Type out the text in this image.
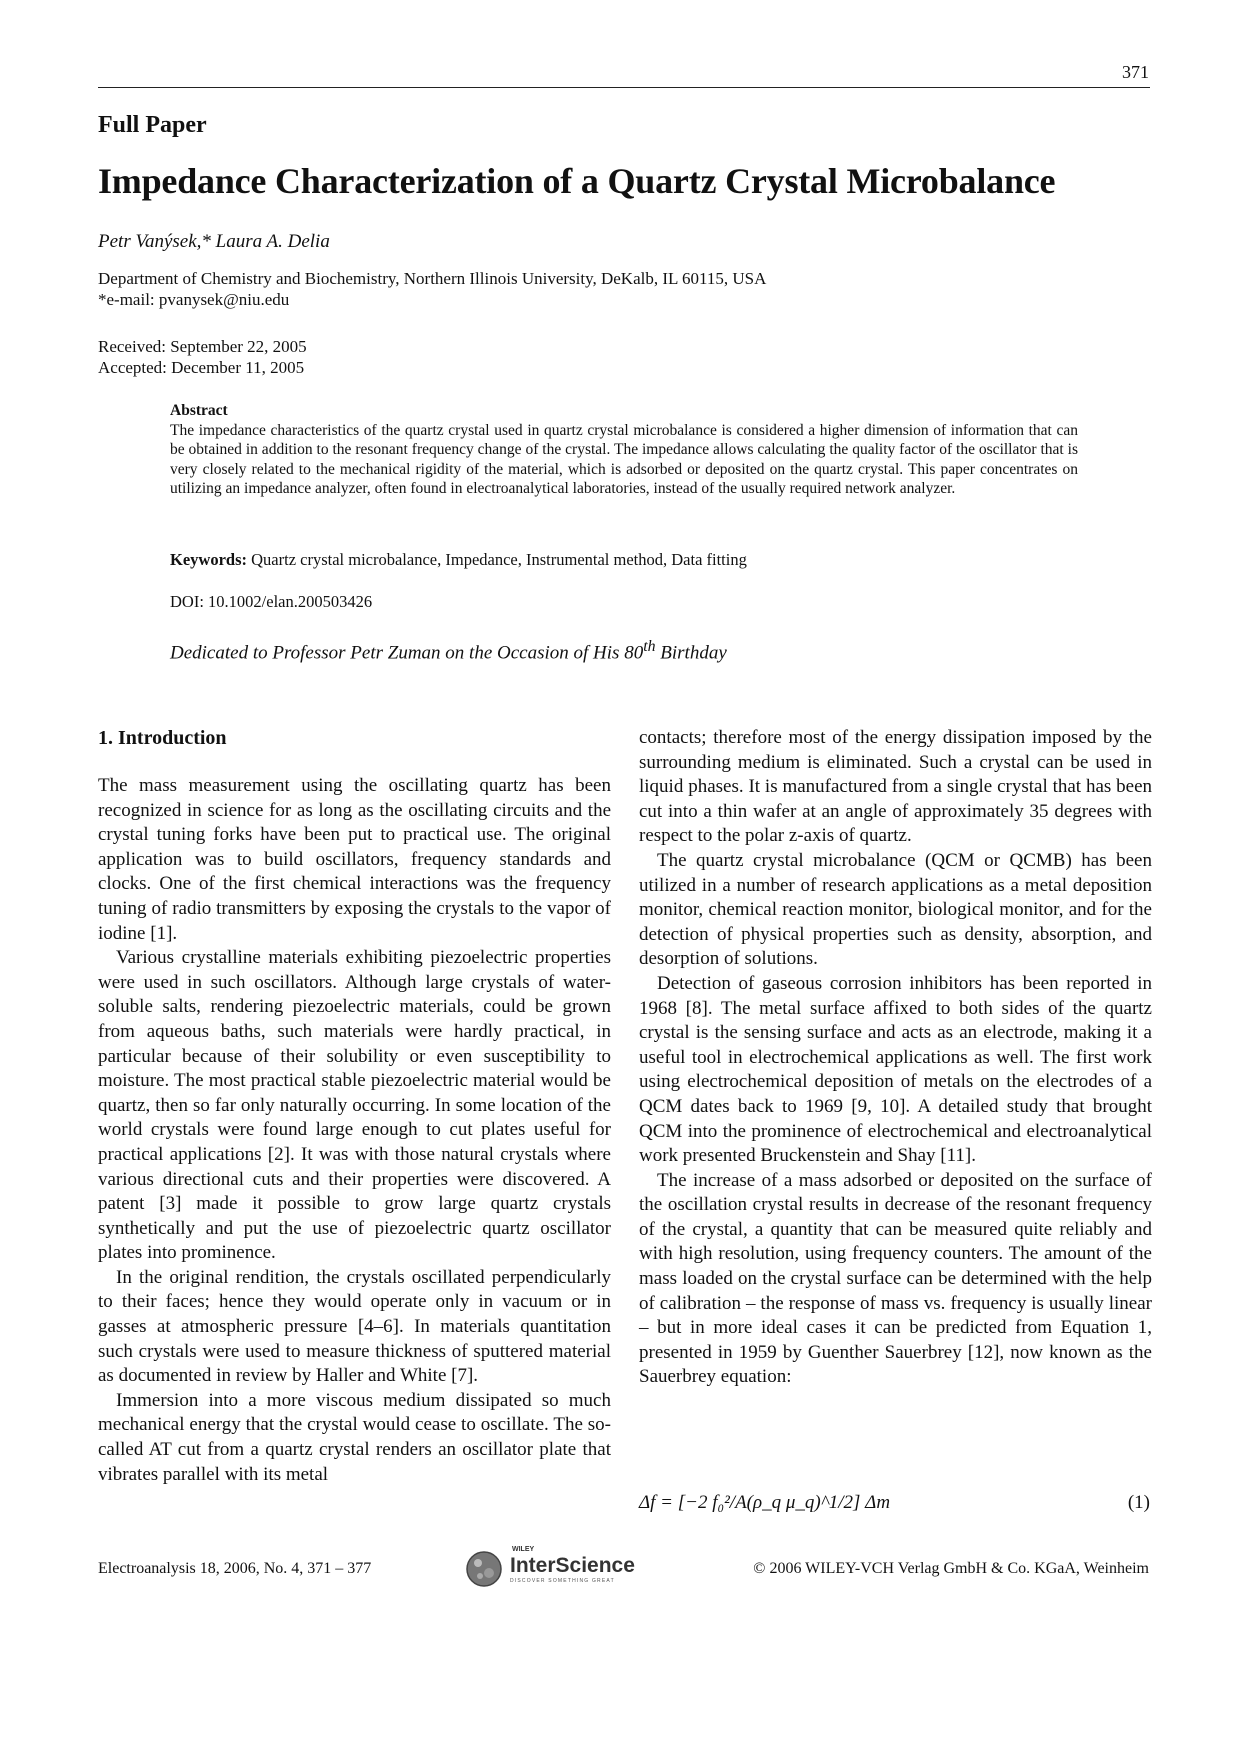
371
Full Paper
Impedance Characterization of a Quartz Crystal Microbalance
Petr Vanýsek,* Laura A. Delia
Department of Chemistry and Biochemistry, Northern Illinois University, DeKalb, IL 60115, USA
*e-mail: pvanysek@niu.edu
Received: September 22, 2005
Accepted: December 11, 2005
Abstract
The impedance characteristics of the quartz crystal used in quartz crystal microbalance is considered a higher dimension of information that can be obtained in addition to the resonant frequency change of the crystal. The impedance allows calculating the quality factor of the oscillator that is very closely related to the mechanical rigidity of the material, which is adsorbed or deposited on the quartz crystal. This paper concentrates on utilizing an impedance analyzer, often found in electroanalytical laboratories, instead of the usually required network analyzer.
Keywords: Quartz crystal microbalance, Impedance, Instrumental method, Data fitting
DOI: 10.1002/elan.200503426
Dedicated to Professor Petr Zuman on the Occasion of His 80th Birthday
1. Introduction

The mass measurement using the oscillating quartz has been recognized in science for as long as the oscillating circuits and the crystal tuning forks have been put to practical use. The original application was to build oscillators, frequency standards and clocks. One of the first chemical interactions was the frequency tuning of radio transmitters by exposing the crystals to the vapor of iodine [1].

Various crystalline materials exhibiting piezoelectric properties were used in such oscillators. Although large crystals of water-soluble salts, rendering piezoelectric materials, could be grown from aqueous baths, such materials were hardly practical, in particular because of their solubility or even susceptibility to moisture. The most practical stable piezoelectric material would be quartz, then so far only naturally occurring. In some location of the world crystals were found large enough to cut plates useful for practical applications [2]. It was with those natural crystals where various directional cuts and their properties were discovered. A patent [3] made it possible to grow large quartz crystals synthetically and put the use of piezoelectric quartz oscillator plates into prominence.

In the original rendition, the crystals oscillated perpendicularly to their faces; hence they would operate only in vacuum or in gasses at atmospheric pressure [4–6]. In materials quantitation such crystals were used to measure thickness of sputtered material as documented in review by Haller and White [7].

Immersion into a more viscous medium dissipated so much mechanical energy that the crystal would cease to oscillate. The so-called AT cut from a quartz crystal renders an oscillator plate that vibrates parallel with its metal

contacts; therefore most of the energy dissipation imposed by the surrounding medium is eliminated. Such a crystal can be used in liquid phases. It is manufactured from a single crystal that has been cut into a thin wafer at an angle of approximately 35 degrees with respect to the polar z-axis of quartz.

The quartz crystal microbalance (QCM or QCMB) has been utilized in a number of research applications as a metal deposition monitor, chemical reaction monitor, biological monitor, and for the detection of physical properties such as density, absorption, and desorption of solutions.

Detection of gaseous corrosion inhibitors has been reported in 1968 [8]. The metal surface affixed to both sides of the quartz crystal is the sensing surface and acts as an electrode, making it a useful tool in electrochemical applications as well. The first work using electrochemical deposition of metals on the electrodes of a QCM dates back to 1969 [9, 10]. A detailed study that brought QCM into the prominence of electrochemical and electroanalytical work presented Bruckenstein and Shay [11].

The increase of a mass adsorbed or deposited on the surface of the oscillation crystal results in decrease of the resonant frequency of the crystal, a quantity that can be measured quite reliably and with high resolution, using frequency counters. The amount of the mass loaded on the crystal surface can be determined with the help of calibration – the response of mass vs. frequency is usually linear – but in more ideal cases it can be predicted from Equation 1, presented in 1959 by Guenther Sauerbrey [12], now known as the Sauerbrey equation:

Δf = [−2 f₀²/A(ρ_q μ_q)^1/2] Δm	(1)
Electroanalysis 18, 2006, No. 4, 371 – 377
WILEY
InterScience
DISCOVER SOMETHING GREAT
© 2006 WILEY-VCH Verlag GmbH & Co. KGaA, Weinheim
